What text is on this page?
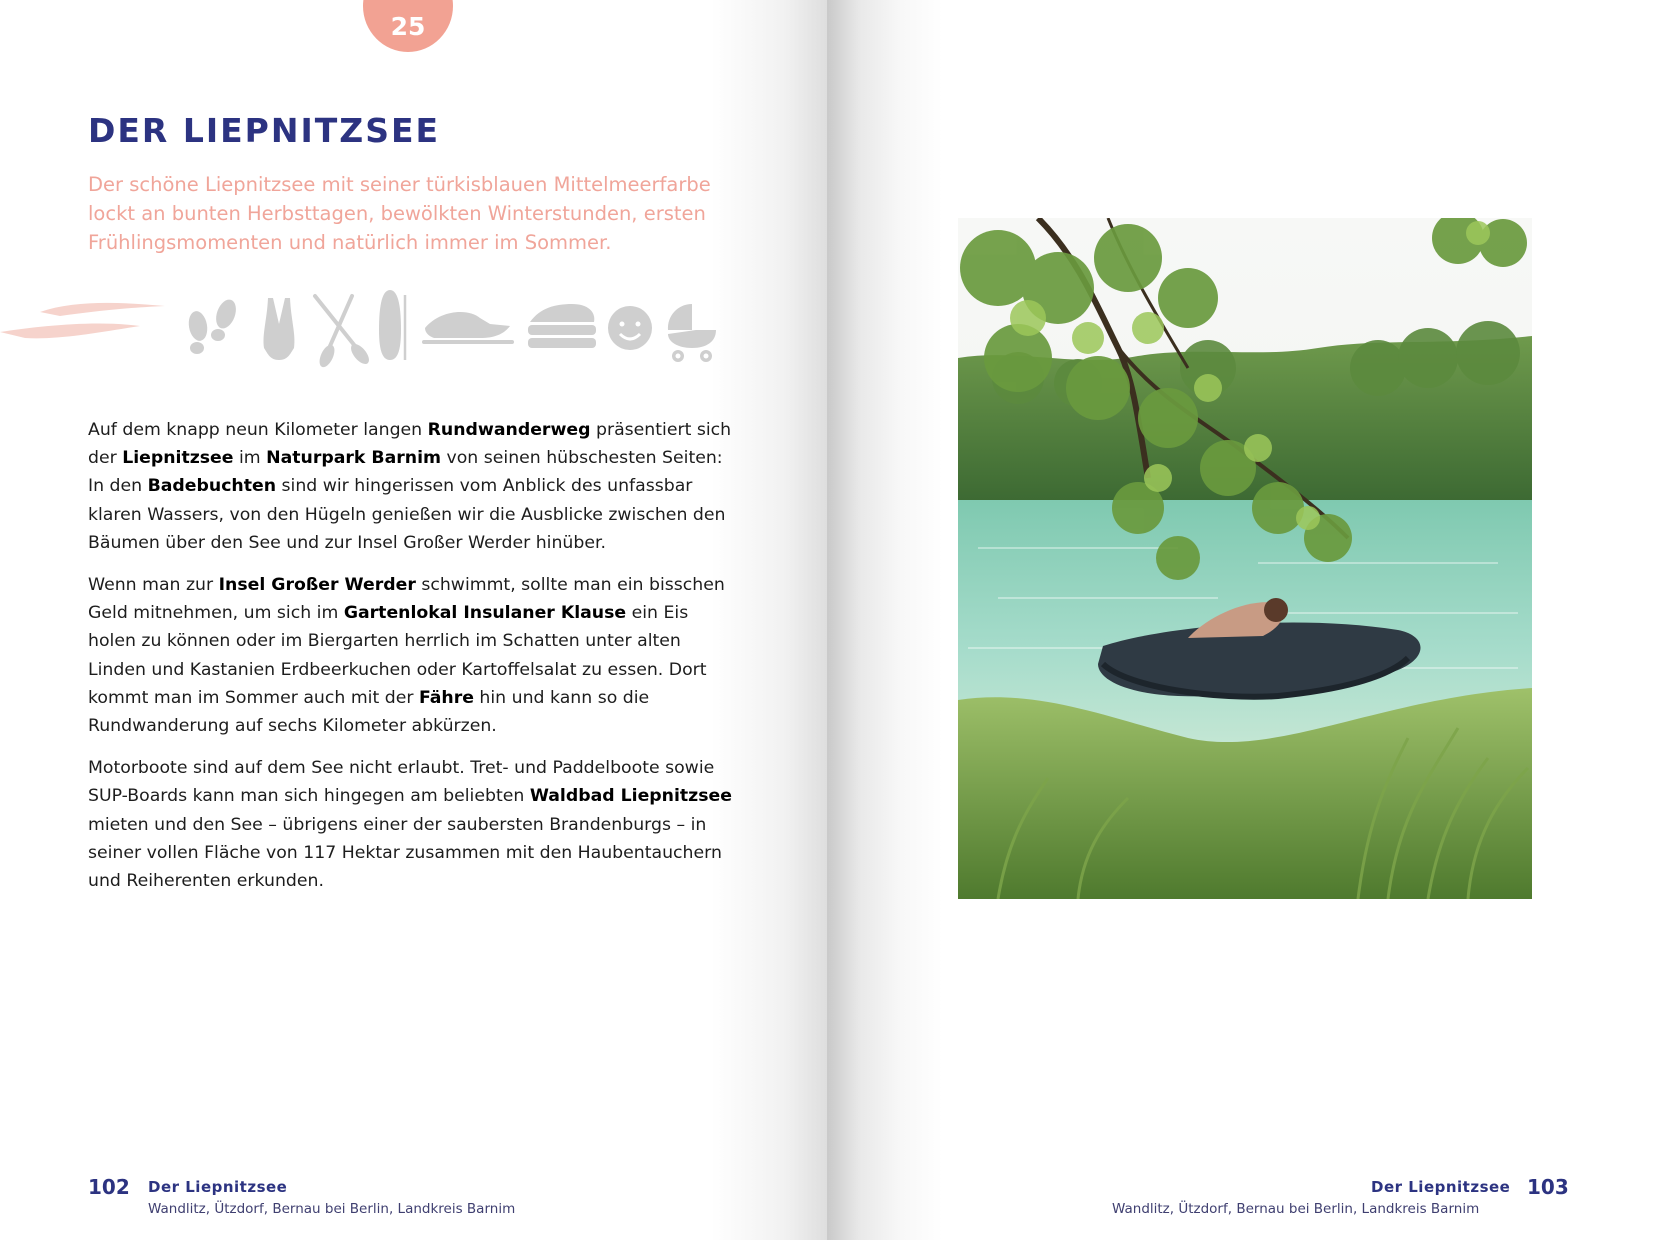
25
DER LIEPNITZSEE

Der schöne Liepnitzsee mit seiner türkisblauen Mittelmeerfarbe lockt an bunten Herbsttagen, bewölkten Winterstunden, ersten Frühlingsmomenten und natürlich immer im Sommer.

Auf dem knapp neun Kilometer langen Rundwanderweg präsentiert sich der Liepnitzsee im Naturpark Barnim von seinen hübschesten Seiten: In den Badebuchten sind wir hingerissen vom Anblick des unfassbar klaren Wassers, von den Hügeln genießen wir die Ausblicke zwischen den Bäumen über den See und zur Insel Großer Werder hinüber.

Wenn man zur Insel Großer Werder schwimmt, sollte man ein bisschen Geld mitnehmen, um sich im Gartenlokal Insulaner Klause ein Eis holen zu können oder im Biergarten herrlich im Schatten unter alten Linden und Kastanien Erdbeerkuchen oder Kartoffelsalat zu essen. Dort kommt man im Sommer auch mit der Fähre hin und kann so die Rundwanderung auf sechs Kilometer abkürzen.

Motorboote sind auf dem See nicht erlaubt. Tret- und Paddelboote sowie SUP-Boards kann man sich hingegen am beliebten Waldbad Liepnitzsee mieten und den See – übrigens einer der saubersten Brandenburgs – in seiner vollen Fläche von 117 Hektar zusammen mit den Haubentauchern und Reiherenten erkunden.

102 Der Liepnitzsee
Wandlitz, Ützdorf, Bernau bei Berlin, Landkreis Barnim
Der Liepnitzsee 103
Wandlitz, Ützdorf, Bernau bei Berlin, Landkreis Barnim
